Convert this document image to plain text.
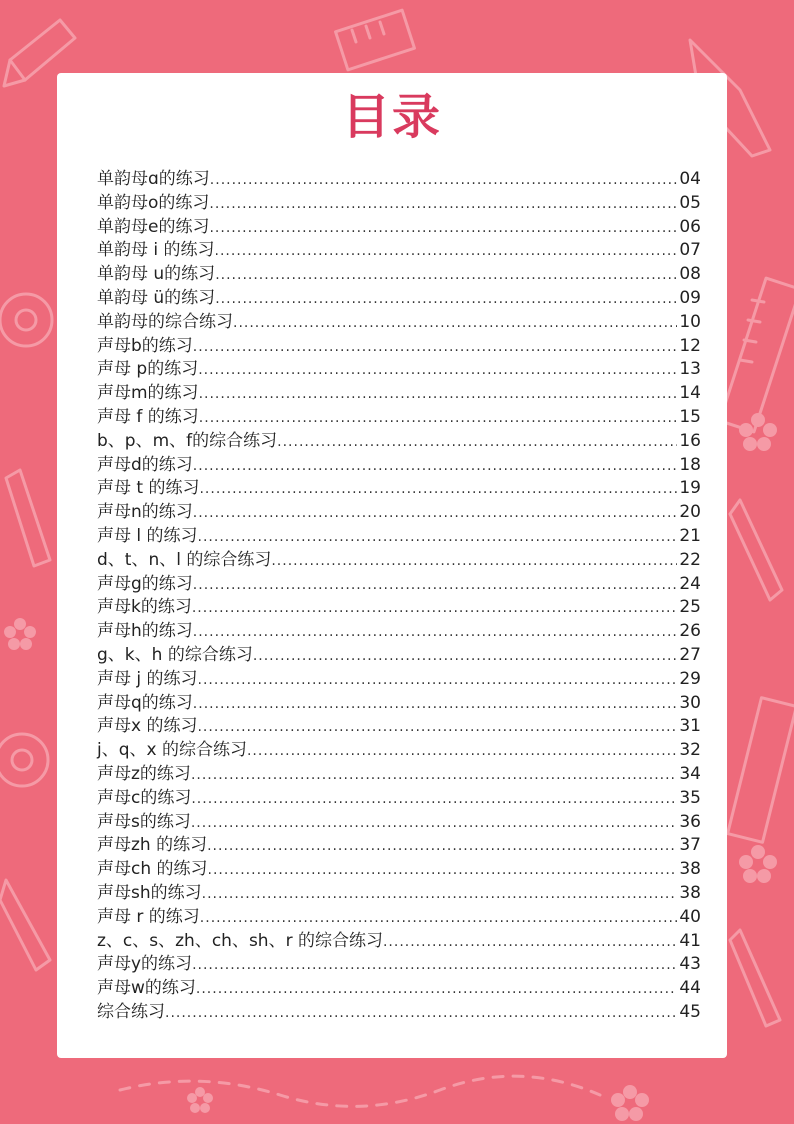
目录
单韵母ɑ的练习 .....	04
单韵母o的练习 .....	05
单韵母e的练习 .....	06
单韵母 i 的练习 .....	07
单韵母 u的练习 .....	08
单韵母 ü的练习 .....	09
单韵母的综合练习 .....	10
声母b的练习 .....	12
声母 p的练习 .....	13
声母m的练习 .....	14
声母 f 的练习 .....	15
b、p、m、f的综合练习 .....	16
声母d的练习 .....	18
声母 t 的练习 .....	19
声母n的练习 .....	20
声母 l 的练习 .....	21
d、t、n、l 的综合练习 .....	22
声母g的练习 .....	24
声母k的练习 .....	25
声母h的练习 .....	26
g、k、h 的综合练习 .....	27
声母 j 的练习 .....	29
声母q的练习 .....	30
声母x 的练习 .....	31
j、q、x 的综合练习 .....	32
声母z的练习 .....	34
声母c的练习 .....	35
声母s的练习 .....	36
声母zh 的练习 .....	37
声母ch 的练习 .....	38
声母sh的练习 .....	38
声母 r 的练习 .....	40
z、c、s、zh、ch、sh、r 的综合练习 .....	41
声母y的练习 .....	43
声母w的练习 .....	44
综合练习 .....	45
